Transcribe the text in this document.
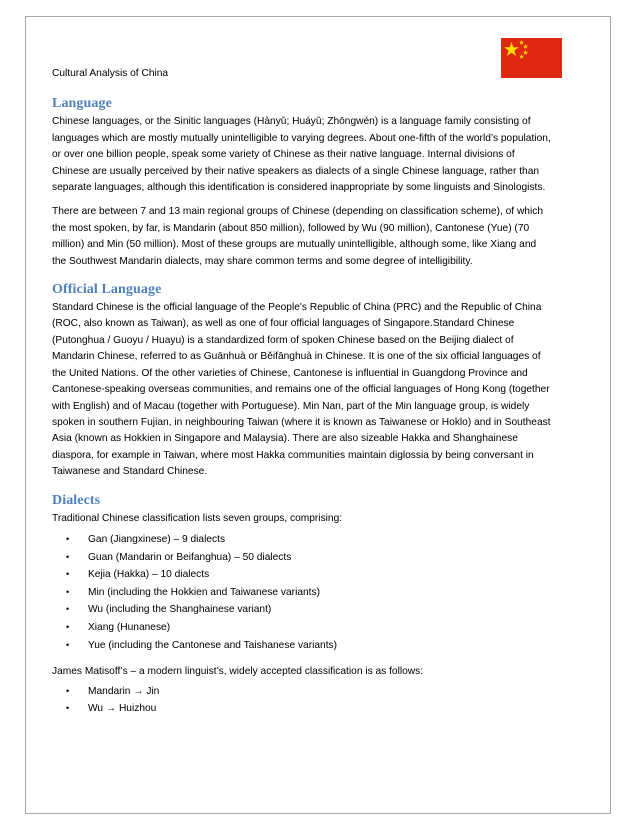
Cultural Analysis of China
Language

Chinese languages, or the Sinitic languages (Hànyǔ; Huáyǔ; Zhōngwén) is a language family consisting of languages which are mostly mutually unintelligible to varying degrees. About one-fifth of the world’s population, or over one billion people, speak some variety of Chinese as their native language. Internal divisions of Chinese are usually perceived by their native speakers as dialects of a single Chinese language, rather than separate languages, although this identification is considered inappropriate by some linguists and Sinologists.

There are between 7 and 13 main regional groups of Chinese (depending on classification scheme), of which the most spoken, by far, is Mandarin (about 850 million), followed by Wu (90 million), Cantonese (Yue) (70 million) and Min (50 million). Most of these groups are mutually unintelligible, although some, like Xiang and the Southwest Mandarin dialects, may share common terms and some degree of intelligibility.

Official Language

Standard Chinese is the official language of the People's Republic of China (PRC) and the Republic of China (ROC, also known as Taiwan), as well as one of four official languages of Singapore.Standard Chinese (Putonghua / Guoyu / Huayu) is a standardized form of spoken Chinese based on the Beijing dialect of Mandarin Chinese, referred to as Guānhuà or Běifānghuà in Chinese. It is one of the six official languages of the United Nations. Of the other varieties of Chinese, Cantonese is influential in Guangdong Province and Cantonese-speaking overseas communities, and remains one of the official languages of Hong Kong (together with English) and of Macau (together with Portuguese). Min Nan, part of the Min language group, is widely spoken in southern Fujian, in neighbouring Taiwan (where it is known as Taiwanese or Hoklo) and in Southeast Asia (known as Hokkien in Singapore and Malaysia). There are also sizeable Hakka and Shanghainese diaspora, for example in Taiwan, where most Hakka communities maintain diglossia by being conversant in Taiwanese and Standard Chinese.

Dialects

Traditional Chinese classification lists seven groups, comprising:

• Gan (Jiangxinese) – 9 dialects
• Guan (Mandarin or Beifanghua) – 50 dialects
• Kejia (Hakka) – 10 dialects
• Min (including the Hokkien and Taiwanese variants)
• Wu (including the Shanghainese variant)
• Xiang (Hunanese)
• Yue (including the Cantonese and Taishanese variants)

James Matisoff’s – a modern linguist’s, widely accepted classification is as follows:

• Mandarin → Jin
• Wu → Huizhou
